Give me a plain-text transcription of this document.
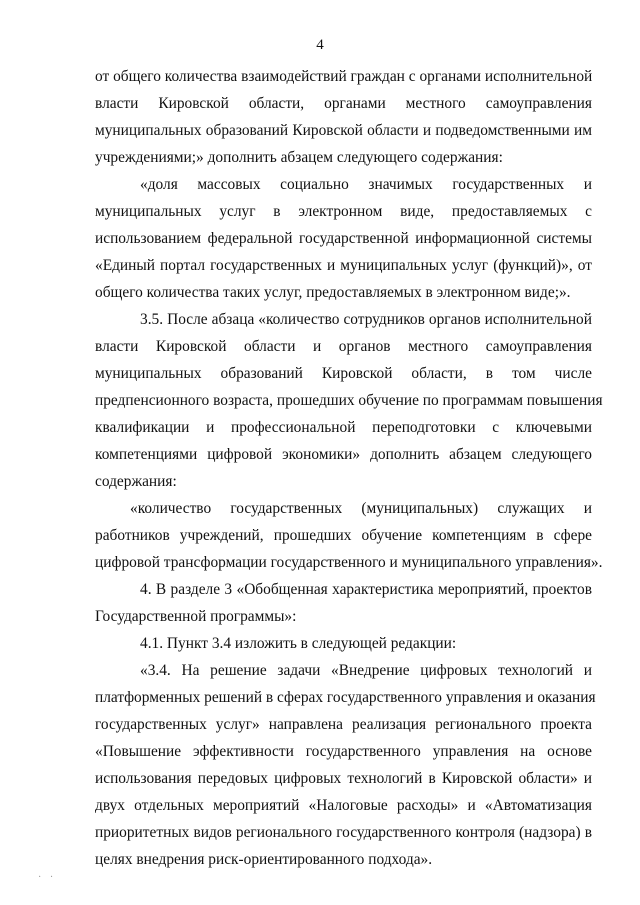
4
от общего количества взаимодействий граждан с органами исполнительной
власти Кировской области, органами местного самоуправления
муниципальных образований Кировской области и подведомственными им
учреждениями;» дополнить абзацем следующего содержания:
«доля массовых социально значимых государственных и
муниципальных услуг в электронном виде, предоставляемых с
использованием федеральной государственной информационной системы
«Единый портал государственных и муниципальных услуг (функций)», от
общего количества таких услуг, предоставляемых в электронном виде;».
3.5. После абзаца «количество сотрудников органов исполнительной
власти Кировской области и органов местного самоуправления
муниципальных образований Кировской области, в том числе
предпенсионного возраста, прошедших обучение по программам повышения
квалификации и профессиональной переподготовки с ключевыми
компетенциями цифровой экономики» дополнить абзацем следующего
содержания:
«количество государственных (муниципальных) служащих и
работников учреждений, прошедших обучение компетенциям в сфере
цифровой трансформации государственного и муниципального управления».
4. В разделе 3 «Обобщенная характеристика мероприятий, проектов
Государственной программы»:
4.1. Пункт 3.4 изложить в следующей редакции:
«3.4. На решение задачи «Внедрение цифровых технологий и
платформенных решений в сферах государственного управления и оказания
государственных услуг» направлена реализация регионального проекта
«Повышение эффективности государственного управления на основе
использования передовых цифровых технологий в Кировской области» и
двух отдельных мероприятий «Налоговые расходы» и «Автоматизация
приоритетных видов регионального государственного контроля (надзора) в
целях внедрения риск-ориентированного подхода».
· ·
